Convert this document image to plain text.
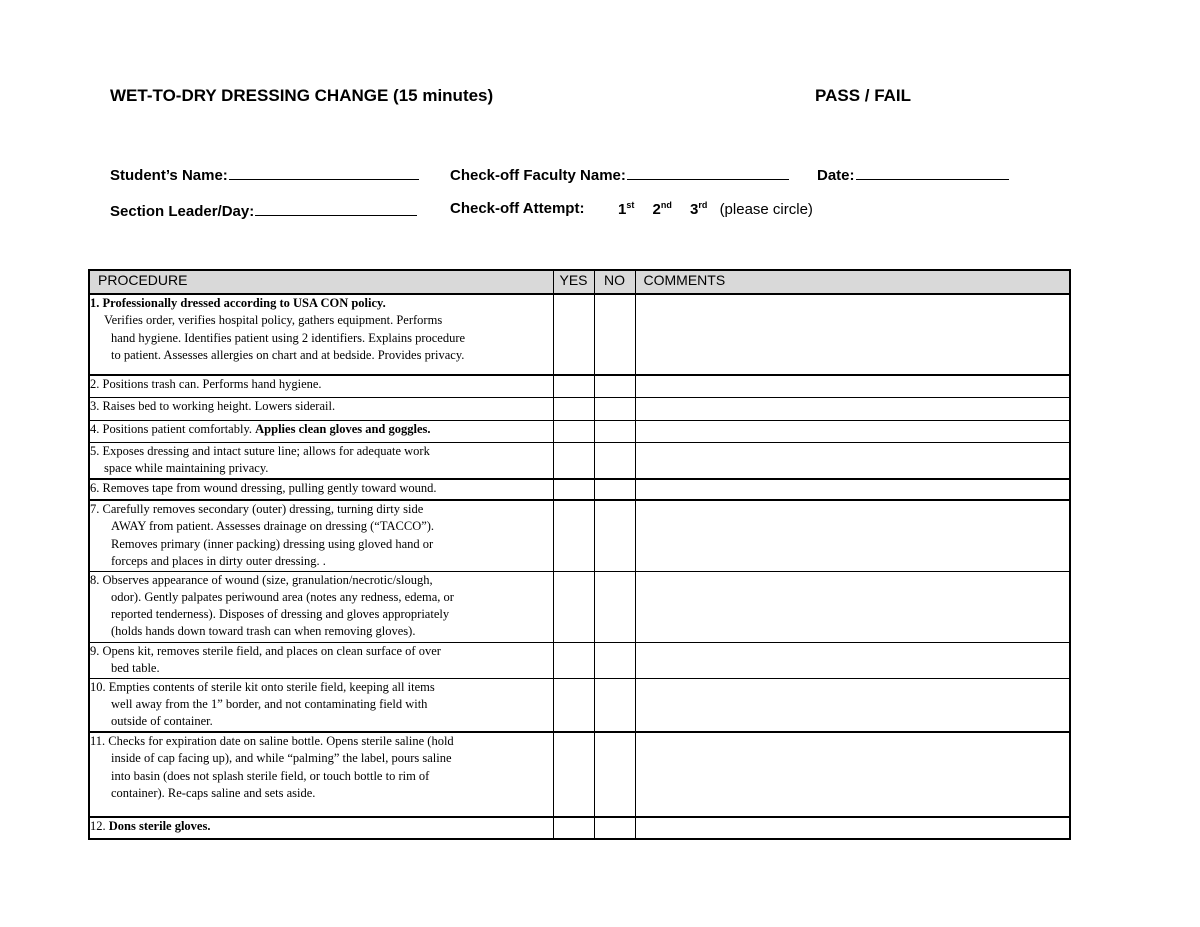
WET-TO-DRY DRESSING CHANGE (15 minutes)	PASS / FAIL
Student’s Name:	Check-off Faculty Name:	Date:
Section Leader/Day:	Check-off Attempt: 1st 2nd 3rd (please circle)
PROCEDURE	YES	NO	COMMENTS

1. Professionally dressed according to USA CON policy.
Verifies order, verifies hospital policy, gathers equipment. Performs
hand hygiene. Identifies patient using 2 identifiers. Explains procedure
to patient. Assesses allergies on chart and at bedside. Provides privacy.			

2. Positions trash can. Performs hand hygiene.			

3. Raises bed to working height. Lowers siderail.			

4. Positions patient comfortably. Applies clean gloves and goggles.			

5. Exposes dressing and intact suture line; allows for adequate work
space while maintaining privacy.			

6. Removes tape from wound dressing, pulling gently toward wound.			

7. Carefully removes secondary (outer) dressing, turning dirty side
AWAY from patient. Assesses drainage on dressing (“TACCO”).
Removes primary (inner packing) dressing using gloved hand or
forceps and places in dirty outer dressing. .			

8. Observes appearance of wound (size, granulation/necrotic/slough,
odor). Gently palpates periwound area (notes any redness, edema, or
reported tenderness). Disposes of dressing and gloves appropriately
(holds hands down toward trash can when removing gloves).			

9. Opens kit, removes sterile field, and places on clean surface of over
bed table.			

10. Empties contents of sterile kit onto sterile field, keeping all items
well away from the 1” border, and not contaminating field with
outside of container.			

11. Checks for expiration date on saline bottle. Opens sterile saline (hold
inside of cap facing up), and while “palming” the label, pours saline
into basin (does not splash sterile field, or touch bottle to rim of
container). Re-caps saline and sets aside.			

12. Dons sterile gloves.			
